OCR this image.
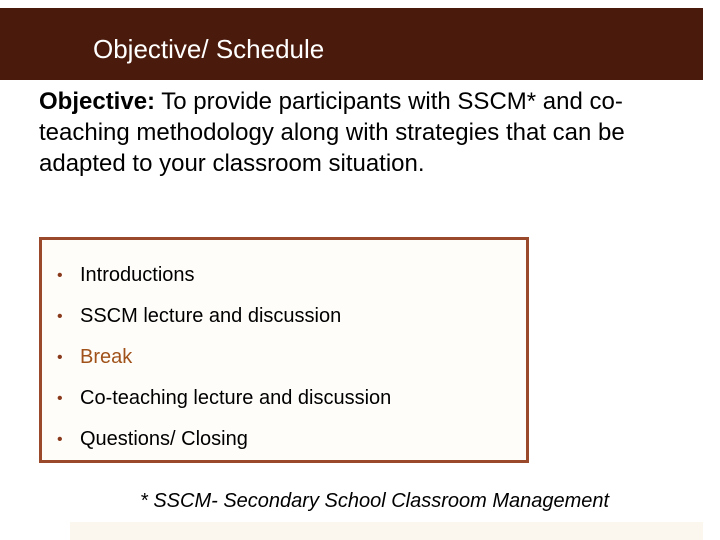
Objective/ Schedule
Objective: To provide participants with SSCM* and co-teaching methodology along with strategies that can be adapted to your classroom situation.
• Introductions
• SSCM lecture and discussion
• Break
• Co-teaching lecture and discussion
• Questions/ Closing
* SSCM- Secondary School Classroom Management
